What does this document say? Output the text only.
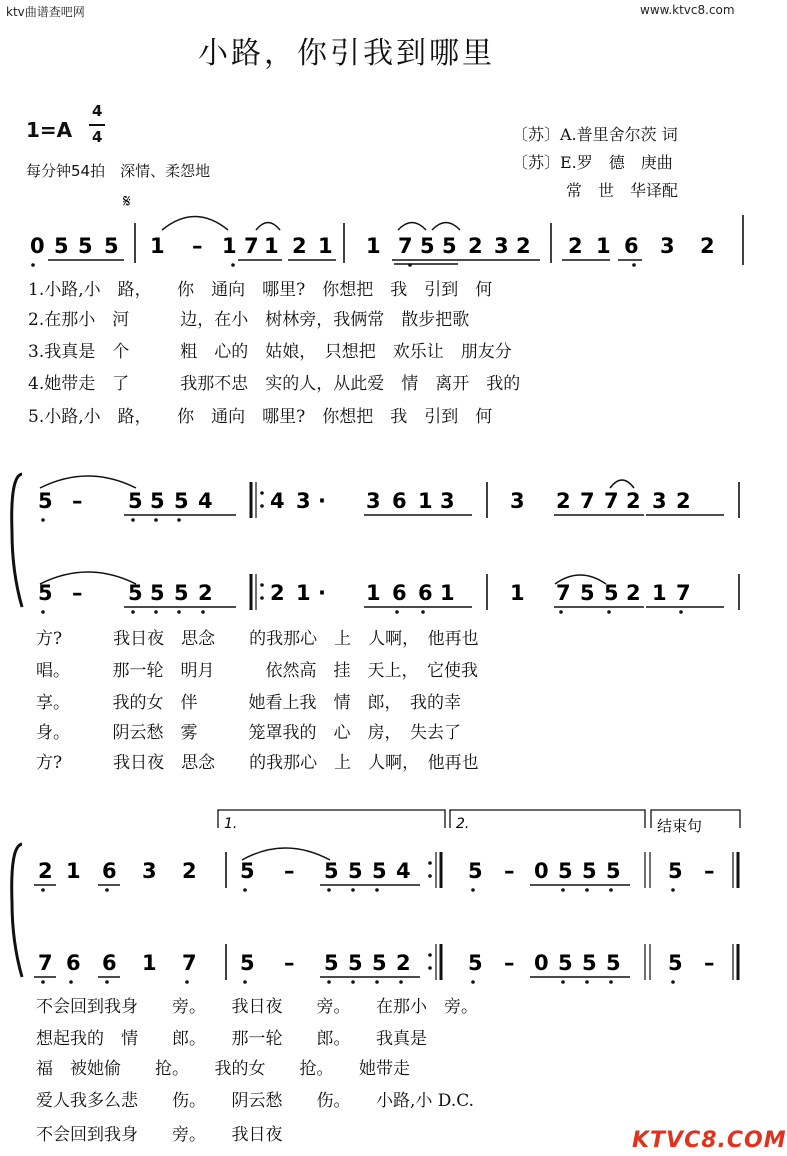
ktv曲谱查吧网	www.ktvc8.com
小路，你引我到哪里
1=A
4
4
每分钟54拍　深情、柔怨地
〔苏〕A.普里舍尔茨 词
〔苏〕E.罗　德　庚曲
常　世　华译配
𝄋
0 5 5 5 1 – 1 7 1 2 1 1 7 5 5 2 3 2 2 1 6 3 2
1.小路,小　路，　　你　通向　哪里?　你想把　我　引到　何
2.在那小　河　　　边，在小　树林旁，我俩常　散步把歌
3.我真是　个　　　粗　心的　姑娘，　只想把　欢乐让　朋友分
4.她带走　了　　　我那不忠　实的人，从此爱　情　离开　我的
5.小路,小　路，　　你　通向　哪里?　你想把　我　引到　何
5 – 5 5 5 4	4 3 · 3 6 1 3	3 2 7 7 2 3 2
5 – 5 5 5 2	2 1 · 1 6 6 1	1 7 5 5 2 1 7
方?　　　我日夜　思念　　的我那心　上　人啊，　他再也
唱。　　　那一轮　明月　　　依然高　挂　天上，　它使我
享。　　　我的女　伴　　　她看上我　情　郎，　我的幸
身。　　　阴云愁　雾　　　笼罩我的　心　房，　失去了
方?　　　我日夜　思念　　的我那心　上　人啊，　他再也
1.	2.	结束句
2 1 6 3 2 5 – 5 5 5 4	5 – 0 5 5 5 5 –
7 6 6 1 7 5 – 5 5 5 2	5 – 0 5 5 5 5 –
不会回到我身　　旁。　　我日夜　　旁。　　在那小　旁。
想起我的　情　　郎。　　那一轮　　郎。　　我真是
福　被她偷　　抢。　　我的女　　抢。　　她带走
爱人我多么悲　　伤。　　阴云愁　　伤。　　小路,小 D.C.
不会回到我身　　旁。　　我日夜	KTVC8.COM
